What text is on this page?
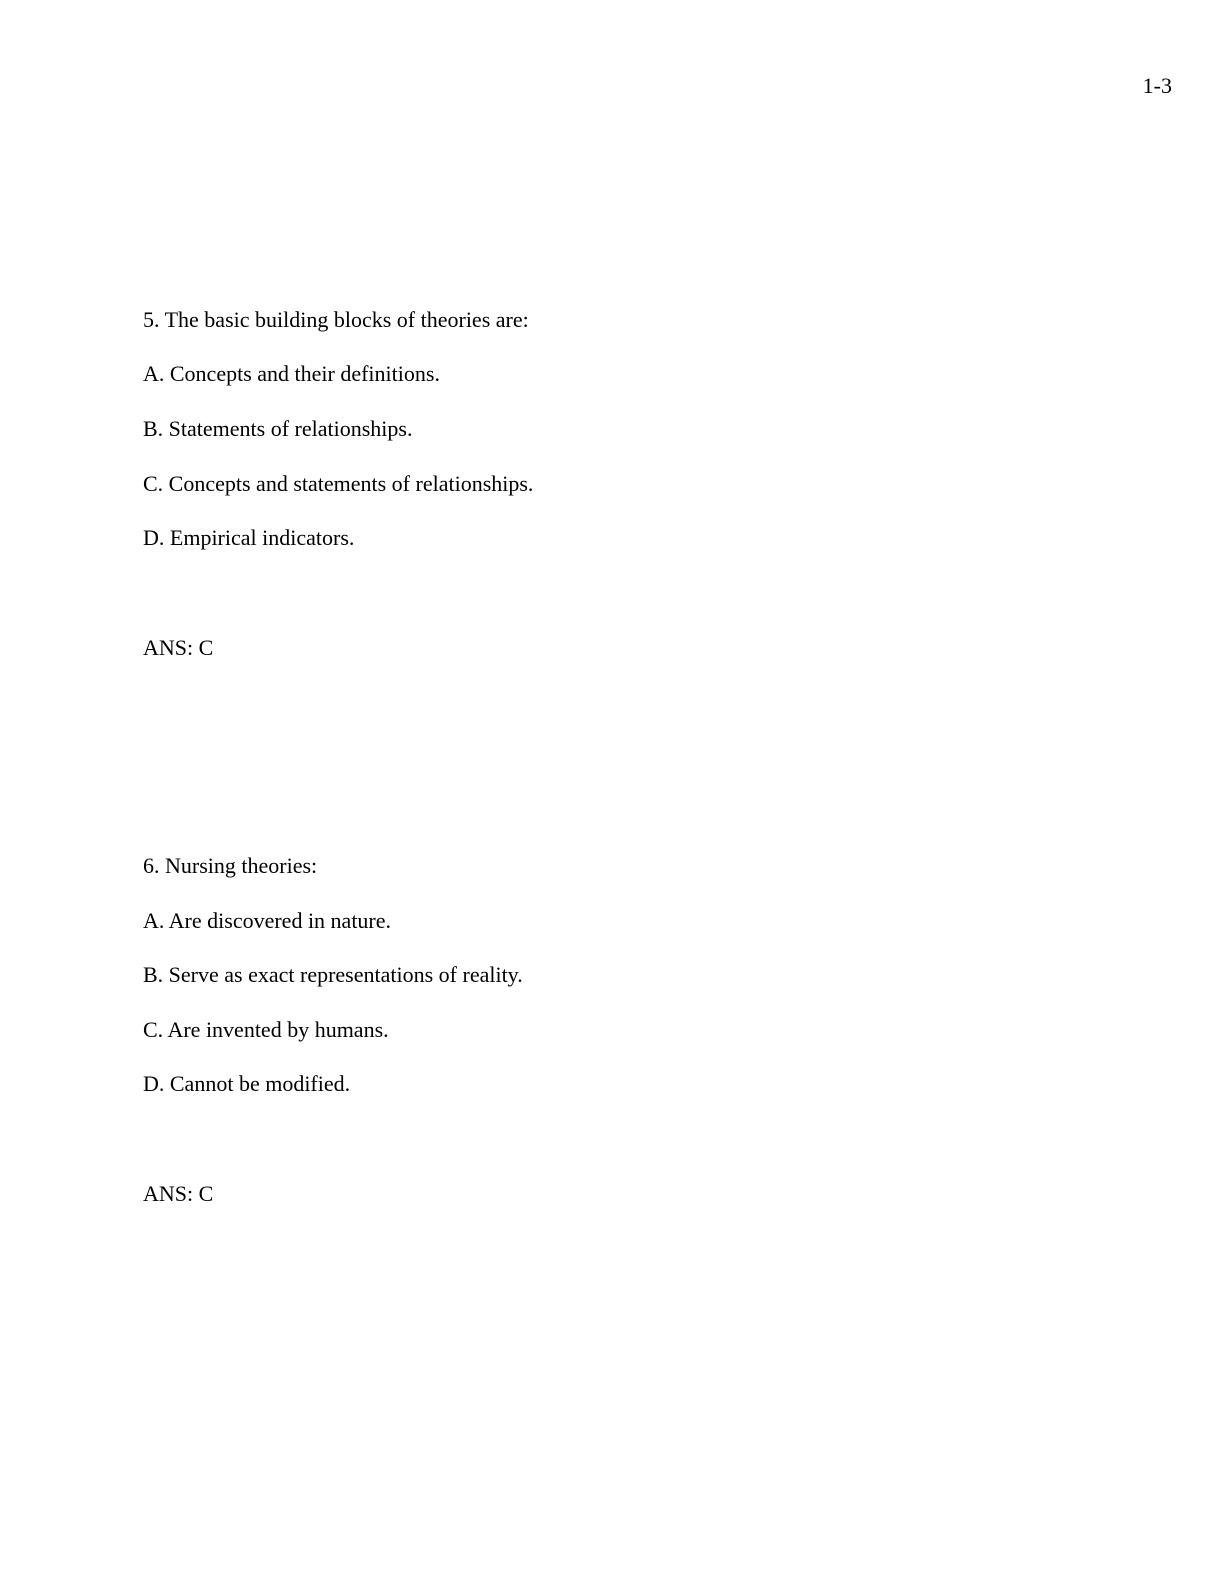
1-3
5. The basic building blocks of theories are:
A. Concepts and their definitions.
B. Statements of relationships.
C. Concepts and statements of relationships.
D. Empirical indicators.
ANS: C
6. Nursing theories:
A. Are discovered in nature.
B. Serve as exact representations of reality.
C. Are invented by humans.
D. Cannot be modified.
ANS: C
